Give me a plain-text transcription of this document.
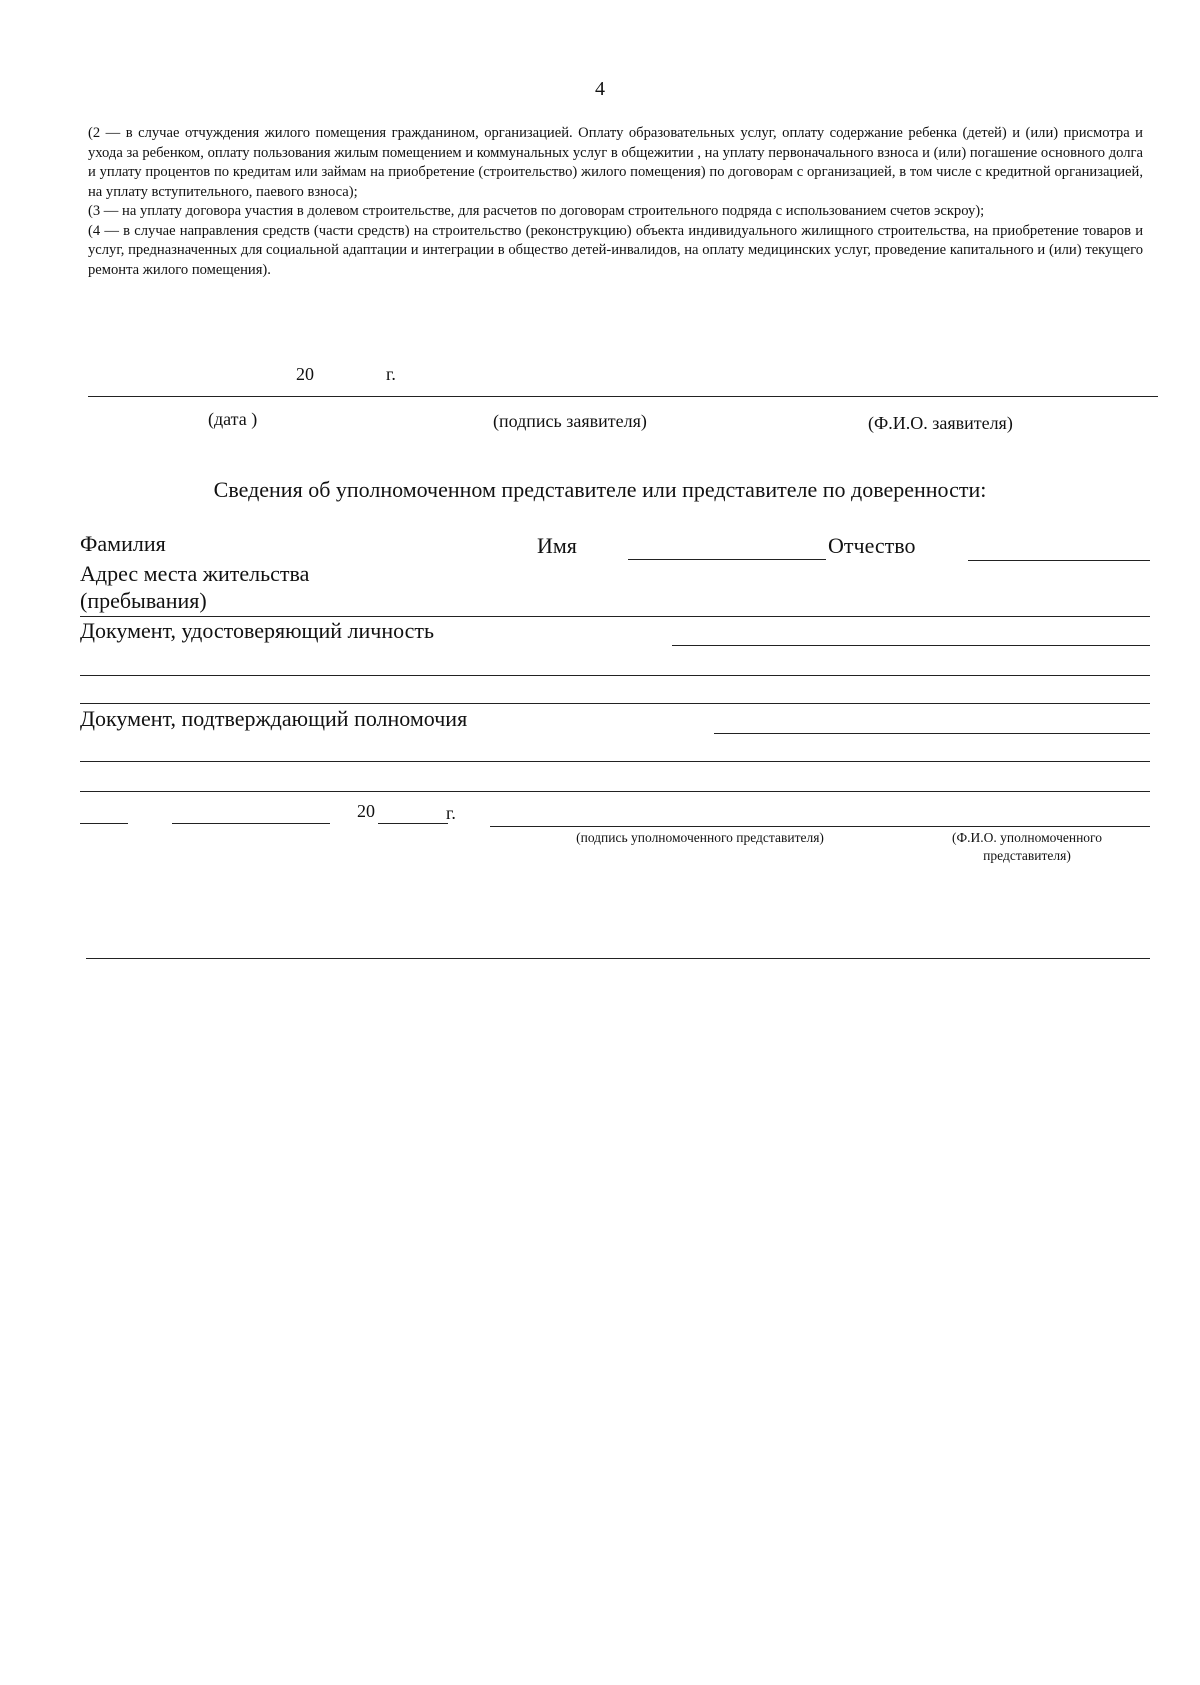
4

(2 — в случае отчуждения жилого помещения гражданином, организацией. Оплату образовательных услуг, оплату содержание ребенка (детей) и (или) присмотра и ухода за ребенком, оплату пользования жилым помещением и коммунальных услуг в общежитии , на уплату первоначального взноса и (или) погашение основного долга и уплату процентов по кредитам или займам на приобретение (строительство) жилого помещения) по договорам с организацией, в том числе с кредитной организацией, на уплату вступительного, паевого взноса);

(3 — на уплату договора участия в долевом строительстве, для расчетов по договорам строительного подряда с использованием счетов эскроу);

(4 — в случае направления средств (части средств) на строительство (реконструкцию) объекта индивидуального жилищного строительства, на приобретение товаров и услуг, предназначенных для социальной адаптации и интеграции в общество детей-инвалидов, на оплату медицинских услуг, проведение капитального и (или) текущего ремонта жилого помещения).

20	г.
(дата )	(подпись заявителя)	(Ф.И.О. заявителя)
Сведения об уполномоченном представителе или представителе по доверенности:
Фамилия	Имя	Отчество
Адрес места жительства
(пребывания)
Документ, удостоверяющий личность
Документ, подтверждающий полномочия
20	г.
(подпись уполномоченного представителя)	(Ф.И.О. уполномоченного
представителя)
